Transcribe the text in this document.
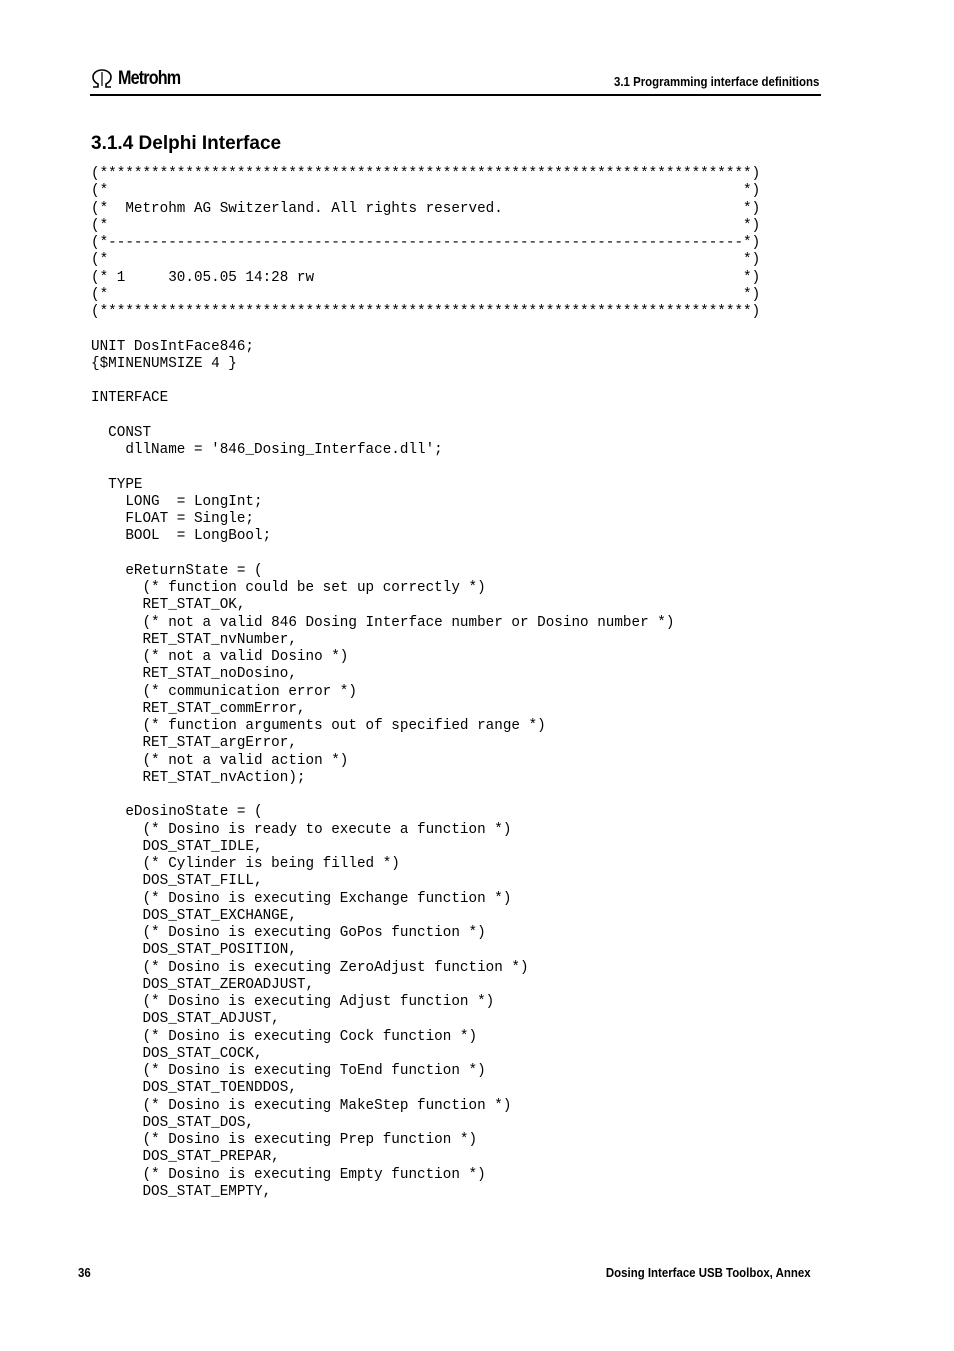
Metrohm	3.1 Programming interface definitions
3.1.4 Delphi Interface
(****************************************************************************)
(*                                                                          *)
(*  Metrohm AG Switzerland. All rights reserved.                            *)
(*                                                                          *)
(*--------------------------------------------------------------------------*)
(*                                                                          *)
(* 1     30.05.05 14:28 rw                                                  *)
(*                                                                          *)
(****************************************************************************)
UNIT DosIntFace846;
{$MINENUMSIZE 4 }
INTERFACE
CONST
dllName = '846_Dosing_Interface.dll';
TYPE
LONG  = LongInt;
FLOAT = Single;
BOOL  = LongBool;
eReturnState = (
(* function could be set up correctly *)
RET_STAT_OK,
(* not a valid 846 Dosing Interface number or Dosino number *)
RET_STAT_nvNumber,
(* not a valid Dosino *)
RET_STAT_noDosino,
(* communication error *)
RET_STAT_commError,
(* function arguments out of specified range *)
RET_STAT_argError,
(* not a valid action *)
RET_STAT_nvAction);
eDosinoState = (
(* Dosino is ready to execute a function *)
DOS_STAT_IDLE,
(* Cylinder is being filled *)
DOS_STAT_FILL,
(* Dosino is executing Exchange function *)
DOS_STAT_EXCHANGE,
(* Dosino is executing GoPos function *)
DOS_STAT_POSITION,
(* Dosino is executing ZeroAdjust function *)
DOS_STAT_ZEROADJUST,
(* Dosino is executing Adjust function *)
DOS_STAT_ADJUST,
(* Dosino is executing Cock function *)
DOS_STAT_COCK,
(* Dosino is executing ToEnd function *)
DOS_STAT_TOENDDOS,
(* Dosino is executing MakeStep function *)
DOS_STAT_DOS,
(* Dosino is executing Prep function *)
DOS_STAT_PREPAR,
(* Dosino is executing Empty function *)
DOS_STAT_EMPTY,
36	Dosing Interface USB Toolbox, Annex
